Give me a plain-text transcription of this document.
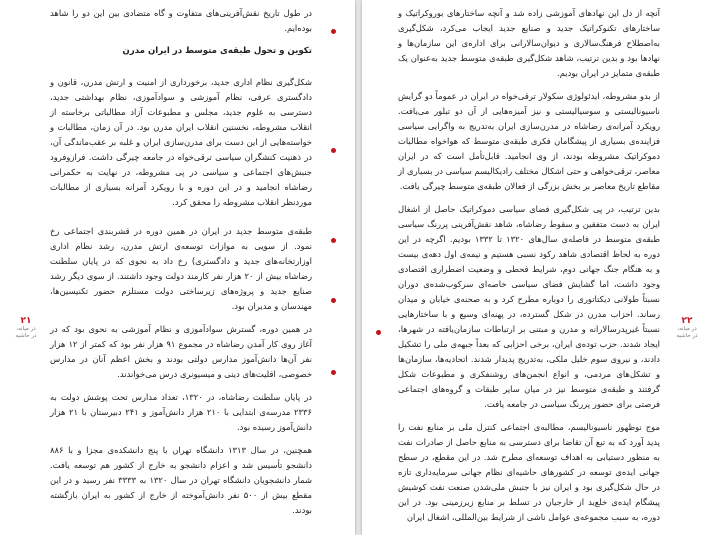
در طول تاریخ نقش‌آفرینی‌های متفاوت و گاه متضادی بین این دو را شاهد بوده‌ایم.

تکوین و تحول طبقه‌ی متوسط در ایران مدرن

شکل‌گیری نظام اداری جدید، برخورداری از امنیت و ارتش مدرن، قانون و دادگستری عرفی، نظام آموزشی و سوادآموزی، نظام بهداشتی جدید، دسترسی به علوم جدید، مجلس و مطبوعات آزاد مطالباتی برخاسته از انقلاب مشروطه، نخستین انقلاب ایران مدرن بود. در آن زمان، مطالبات و خواسته‌هایی از این دست برای مدرن‌سازی ایران و غلبه بر عقب‌ماندگی آن، در ذهنیت کنشگران سیاسی ترقی‌خواه در جامعه چیرگی داشت. فرازوفرود جنبش‌های اجتماعی و سیاسی در پی مشروطه، در نهایت به حکمرانی رضاشاه انجامید و در این دوره و با رویکرد آمرانه بسیاری از مطالبات موردنظر انقلاب مشروطه را محقق کرد.

طبقه‌ی متوسط جدید در ایران در همین دوره در قشربندی اجتماعی رخ نمود. از سویی به موازات توسعه‌ی ارتش مدرن، رشد نظام اداری اوزارتخانه‌های جدید و دادگستری) رخ داد به نحوی که در پایان سلطنت رضاشاه بیش از ۲۰ هزار نفر کارمند دولت وجود داشتند. از سوی دیگر رشد صنایع جدید و پروژه‌های زیرساختی دولت مستلزم حضور تکنیسین‌ها، مهندسان و مدیران بود.

در همین دوره، گسترش سوادآموزی و نظام آموزشی به نحوی بود که در آغاز روی کار آمدن رضاشاه در مجموع ۹۱ هزار نفر بود که کمتر از ۱۲ هزار نفر آن‌ها دانش‌آموز مدارس دولتی بودند و بخش اعظم آنان در مدارس خصوصی، اقلیت‌های دینی و میسیونری درس می‌خواندند.

در پایان سلطنت رضاشاه، در ۱۳۲۰، تعداد مدارس تحت پوشش دولت به ۲۳۳۶ مدرسه‌ی ابتدایی با ۲۱۰ هزار دانش‌آموز و ۲۴۱ دبیرستان با ۲۱ هزار دانش‌آموز رسیده بود.

همچنین، در سال ۱۳۱۳ دانشگاه تهران با پنج دانشکده‌ی مجزا و با ۸۸۶ دانشجو تأسیس شد و اعزام دانشجو به خارج از کشور هم توسعه یافت. شمار دانشجویان دانشگاه تهران در سال ۱۳۲۰ به ۳۳۳۳ نفر رسید و در این مقطع بیش از ۵۰۰ نفر دانش‌آموخته از خارج از کشور به ایران بازگشته بودند.

۲۱
در میانه،
در حاشیه

آنچه از دل این نهادهای آموزشی زاده شد و آنچه ساختارهای بوروکراتیک و ساختارهای تکنوکراتیک جدید و صنایع جدید ایجاب می‌کرد، شکل‌گیری به‌اصطلاح فرهنگ‌سالاری و دیوان‌سالارانی برای اداره‌ی این سازمان‌ها و نهادها بود و بدین ترتیب، شاهد شکل‌گیری طبقه‌ی متوسط جدید به‌عنوان یک طبقه‌ی متمایز در ایران بودیم.

از بدو مشروطه، ایدئولوژی سکولار ترقی‌خواه در ایران در عموماً دو گرایش ناسیونالیستی و سوسیالیستی و نیز آمیزه‌هایی از آن دو تبلور می‌یافت. رویکرد آمرانه‌ی رضاشاه در مدرن‌سازی ایران به‌تدریج به واگرایی سیاسی فزاینده‌ی بسیاری از پیشگامان فکری طبقه‌ی متوسط که هواخواه مطالبات دموکراتیک مشروطه بودند، از وی انجامید. قابل‌تأمل است که در ایران معاصر، ترقی‌خواهی و حتی اشکال مختلف رادیکالیسم سیاسی در بسیاری از مقاطع تاریخ معاصر بر بخش بزرگی از فعالان طبقه‌ی متوسط چیرگی یافت.

بدین ترتیب، در پی شکل‌گیری فضای سیاسی دموکراتیک حاصل از اشغال ایران به دست متفقین و سقوط رضاشاه، شاهد نقش‌آفرینی پررنگ سیاسی طبقه‌ی متوسط در فاصله‌ی سال‌های ۱۳۲۰ تا ۱۳۳۲ بودیم. اگرچه در این دوره به لحاظ اقتصادی شاهد رکود نسبی هستیم و نیمه‌ی اول دهه‌ی بیست و به هنگام جنگ جهانی دوم، شرایط قحطی و وضعیت اضطراری اقتصادی وجود داشت، اما گشایش فضای سیاسی خاصه‌ای سرکوب‌شده‌ی دوران نسبتاً طولانی دیکتاتوری را دوباره مطرح کرد و به صحنه‌ی خیابان و میدان رساند. احزاب مدرن در شکل گسترده، در پهنه‌ای وسیع و با ساختارهایی نسبتاً غیرپدرسالارانه و مدرن و مبتنی بر ارتباطات سازمان‌یافته در شهرها، ایجاد شدند. حزب توده‌ی ایران، برخی احزابی که بعداً جبهه‌ی ملی را تشکیل دادند، و نیروی سوم خلیل ملکی، به‌تدریج پدیدار شدند. اتحادیه‌ها، سازمان‌ها و تشکل‌های مردمی، و انواع انجمن‌های روشنفکری و مطبوعات شکل گرفتند و طبقه‌ی متوسط نیز در میان سایر طبقات و گروه‌های اجتماعی فرصتی برای حضور پررنگ سیاسی در جامعه یافت.

موج نوظهور ناسیونالیسم، مطالبه‌ی اجتماعی کنترل ملی بر منابع نفت را پدید آورد که به تبع آن تقاضا برای دسترسی به منابع حاصل از صادرات نفت به منظور دستیابی به اهداف توسعه‌ای مطرح شد. در این مقطع، در سطح جهانی ایده‌ی توسعه در کشورهای حاشیه‌ای نظام جهانی سرمایه‌داری تازه در حال شکل‌گیری بود و ایران نیز با جنبش ملی‌شدن صنعت نفت کوشیش پیشگام ایده‌ی خلع‌ید از خارجیان در تسلط بر منابع زیرزمینی بود. در این دوره، به سبب مجموعه‌ی عوامل ناشی از شرایط بین‌المللی، اشغال ایران

۲۲
در میانه،
در حاشیه
